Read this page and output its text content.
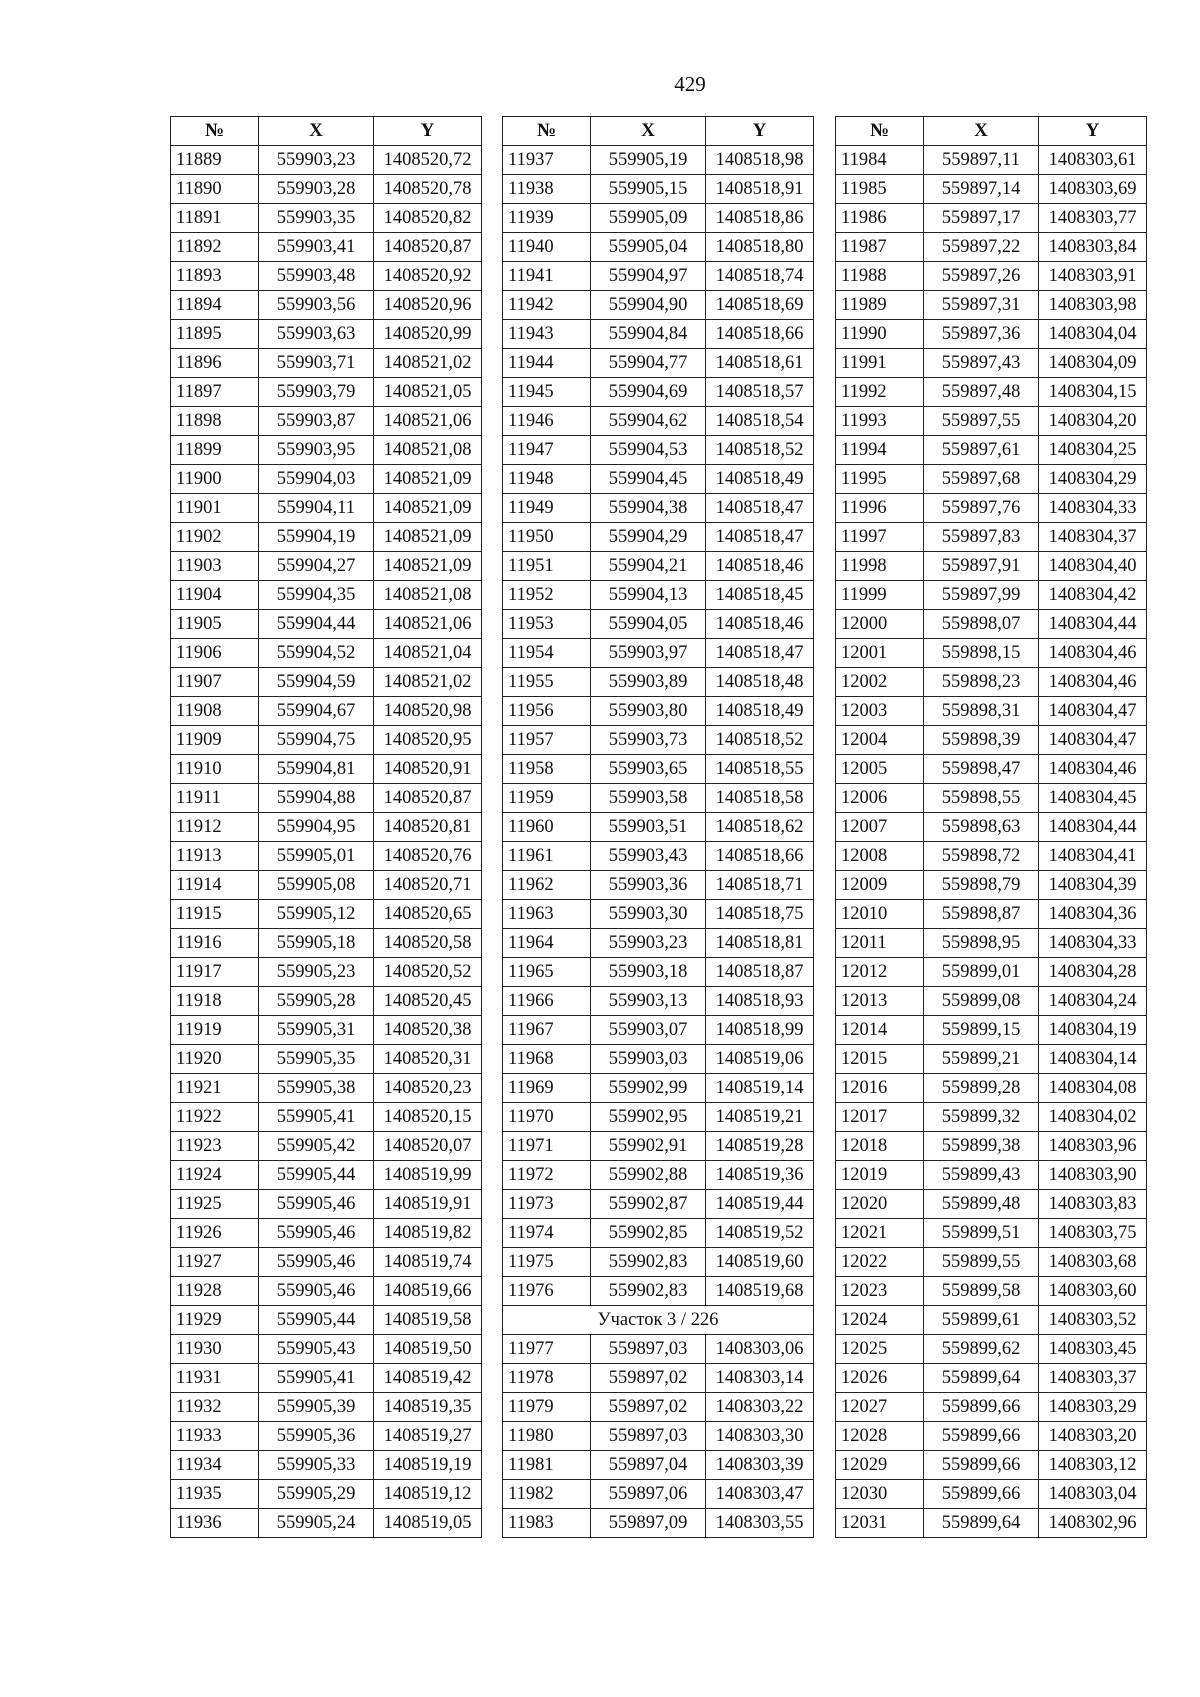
429
№	X	Y
11889	559903,23	1408520,72
11890	559903,28	1408520,78
11891	559903,35	1408520,82
11892	559903,41	1408520,87
11893	559903,48	1408520,92
11894	559903,56	1408520,96
11895	559903,63	1408520,99
11896	559903,71	1408521,02
11897	559903,79	1408521,05
11898	559903,87	1408521,06
11899	559903,95	1408521,08
11900	559904,03	1408521,09
11901	559904,11	1408521,09
11902	559904,19	1408521,09
11903	559904,27	1408521,09
11904	559904,35	1408521,08
11905	559904,44	1408521,06
11906	559904,52	1408521,04
11907	559904,59	1408521,02
11908	559904,67	1408520,98
11909	559904,75	1408520,95
11910	559904,81	1408520,91
11911	559904,88	1408520,87
11912	559904,95	1408520,81
11913	559905,01	1408520,76
11914	559905,08	1408520,71
11915	559905,12	1408520,65
11916	559905,18	1408520,58
11917	559905,23	1408520,52
11918	559905,28	1408520,45
11919	559905,31	1408520,38
11920	559905,35	1408520,31
11921	559905,38	1408520,23
11922	559905,41	1408520,15
11923	559905,42	1408520,07
11924	559905,44	1408519,99
11925	559905,46	1408519,91
11926	559905,46	1408519,82
11927	559905,46	1408519,74
11928	559905,46	1408519,66
11929	559905,44	1408519,58
11930	559905,43	1408519,50
11931	559905,41	1408519,42
11932	559905,39	1408519,35
11933	559905,36	1408519,27
11934	559905,33	1408519,19
11935	559905,29	1408519,12
11936	559905,24	1408519,05
№	X	Y
11937	559905,19	1408518,98
11938	559905,15	1408518,91
11939	559905,09	1408518,86
11940	559905,04	1408518,80
11941	559904,97	1408518,74
11942	559904,90	1408518,69
11943	559904,84	1408518,66
11944	559904,77	1408518,61
11945	559904,69	1408518,57
11946	559904,62	1408518,54
11947	559904,53	1408518,52
11948	559904,45	1408518,49
11949	559904,38	1408518,47
11950	559904,29	1408518,47
11951	559904,21	1408518,46
11952	559904,13	1408518,45
11953	559904,05	1408518,46
11954	559903,97	1408518,47
11955	559903,89	1408518,48
11956	559903,80	1408518,49
11957	559903,73	1408518,52
11958	559903,65	1408518,55
11959	559903,58	1408518,58
11960	559903,51	1408518,62
11961	559903,43	1408518,66
11962	559903,36	1408518,71
11963	559903,30	1408518,75
11964	559903,23	1408518,81
11965	559903,18	1408518,87
11966	559903,13	1408518,93
11967	559903,07	1408518,99
11968	559903,03	1408519,06
11969	559902,99	1408519,14
11970	559902,95	1408519,21
11971	559902,91	1408519,28
11972	559902,88	1408519,36
11973	559902,87	1408519,44
11974	559902,85	1408519,52
11975	559902,83	1408519,60
11976	559902,83	1408519,68
Участок 3 / 226		
11977	559897,03	1408303,06
11978	559897,02	1408303,14
11979	559897,02	1408303,22
11980	559897,03	1408303,30
11981	559897,04	1408303,39
11982	559897,06	1408303,47
11983	559897,09	1408303,55
№	X	Y
11984	559897,11	1408303,61
11985	559897,14	1408303,69
11986	559897,17	1408303,77
11987	559897,22	1408303,84
11988	559897,26	1408303,91
11989	559897,31	1408303,98
11990	559897,36	1408304,04
11991	559897,43	1408304,09
11992	559897,48	1408304,15
11993	559897,55	1408304,20
11994	559897,61	1408304,25
11995	559897,68	1408304,29
11996	559897,76	1408304,33
11997	559897,83	1408304,37
11998	559897,91	1408304,40
11999	559897,99	1408304,42
12000	559898,07	1408304,44
12001	559898,15	1408304,46
12002	559898,23	1408304,46
12003	559898,31	1408304,47
12004	559898,39	1408304,47
12005	559898,47	1408304,46
12006	559898,55	1408304,45
12007	559898,63	1408304,44
12008	559898,72	1408304,41
12009	559898,79	1408304,39
12010	559898,87	1408304,36
12011	559898,95	1408304,33
12012	559899,01	1408304,28
12013	559899,08	1408304,24
12014	559899,15	1408304,19
12015	559899,21	1408304,14
12016	559899,28	1408304,08
12017	559899,32	1408304,02
12018	559899,38	1408303,96
12019	559899,43	1408303,90
12020	559899,48	1408303,83
12021	559899,51	1408303,75
12022	559899,55	1408303,68
12023	559899,58	1408303,60
12024	559899,61	1408303,52
12025	559899,62	1408303,45
12026	559899,64	1408303,37
12027	559899,66	1408303,29
12028	559899,66	1408303,20
12029	559899,66	1408303,12
12030	559899,66	1408303,04
12031	559899,64	1408302,96
